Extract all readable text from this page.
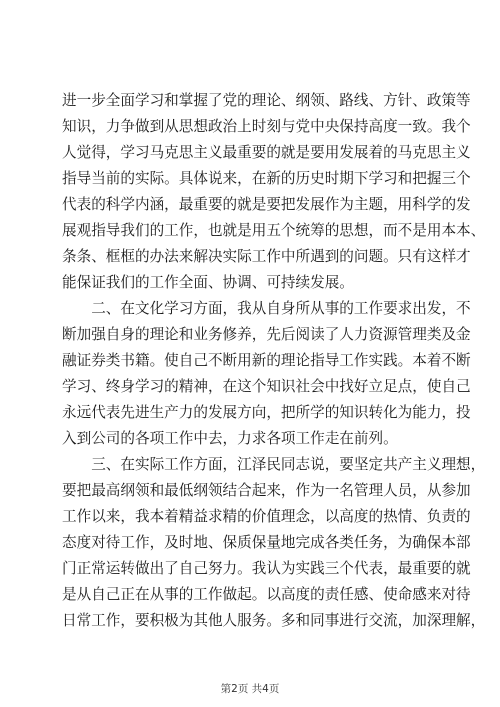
进一步全面学习和掌握了党的理论、纲领、路线、方针、政策等
知识，力争做到从思想政治上时刻与党中央保持高度一致。我个
人觉得，学习马克思主义最重要的就是要用发展着的马克思主义
指导当前的实际。具体说来，在新的历史时期下学习和把握三个
代表的科学内涵，最重要的就是要把发展作为主题，用科学的发
展观指导我们的工作，也就是用五个统筹的思想，而不是用本本、
条条、框框的办法来解决实际工作中所遇到的问题。只有这样才
能保证我们的工作全面、协调、可持续发展。
　　二、在文化学习方面，我从自身所从事的工作要求出发，不
断加强自身的理论和业务修养，先后阅读了人力资源管理类及金
融证券类书籍。使自己不断用新的理论指导工作实践。本着不断
学习、终身学习的精神，在这个知识社会中找好立足点，使自己
永远代表先进生产力的发展方向，把所学的知识转化为能力，投
入到公司的各项工作中去，力求各项工作走在前列。
　　三、在实际工作方面，江泽民同志说，要坚定共产主义理想，
要把最高纲领和最低纲领结合起来，作为一名管理人员，从参加
工作以来，我本着精益求精的价值理念，以高度的热情、负责的
态度对待工作，及时地、保质保量地完成各类任务，为确保本部
门正常运转做出了自己努力。我认为实践三个代表，最重要的就
是从自己正在从事的工作做起。以高度的责任感、使命感来对待
日常工作，要积极为其他人服务。多和同事进行交流，加深理解，
第2页 共4页
